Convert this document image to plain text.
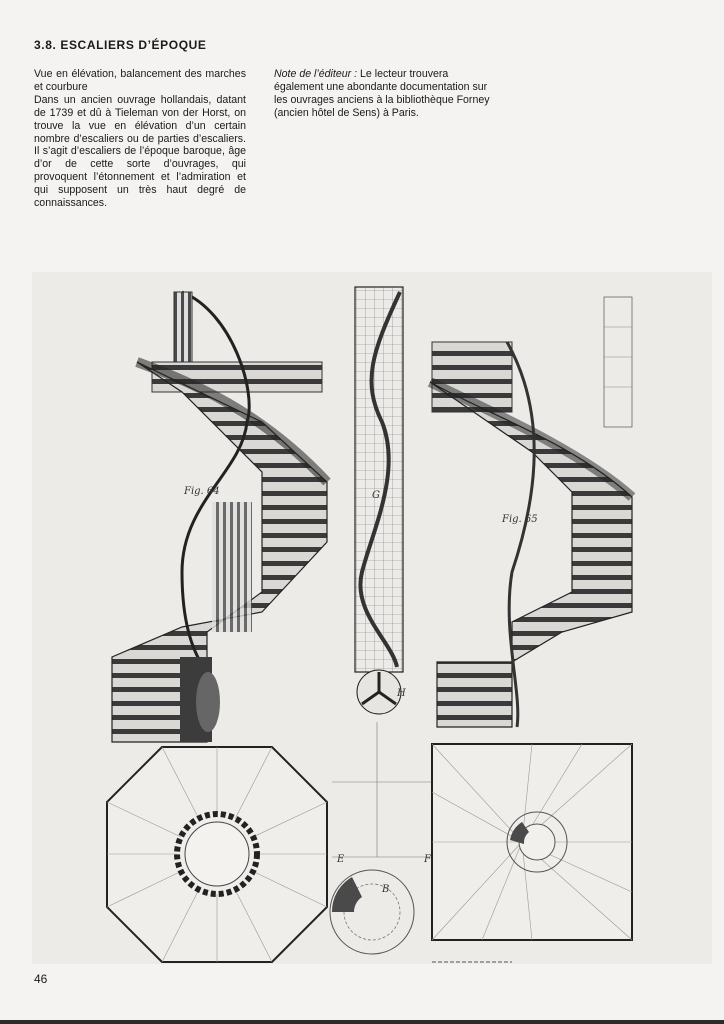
3.8. ESCALIERS D’ÉPOQUE

Vue en élévation, balancement des marches et courbure

Dans un ancien ouvrage hollandais, datant de 1739 et dû à Tieleman von der Horst, on trouve la vue en élévation d’un certain nombre d’escaliers ou de parties d’escaliers. Il s’agit d’escaliers de l’époque baroque, âge d’or de cette sorte d’ouvrages, qui provoquent l’étonnement et l’admiration et qui supposent un très haut degré de connaissances.

Note de l’éditeur : Le lecteur trouvera également une abondante documentation sur les ouvrages anciens à la bibliothèque Forney (ancien hôtel de Sens) à Paris.

Fig. 64	G
H
Fig. 65
B
E	F
46
